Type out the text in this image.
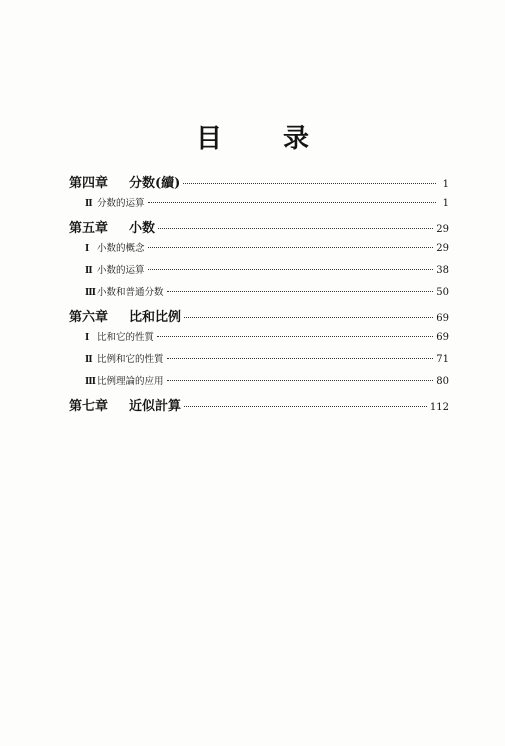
目 录
第四章	分数(續)	1
Ⅱ 分数的运算	1
第五章	小数	29
Ⅰ 小数的概念	29
Ⅱ 小数的运算	38
Ⅲ 小数和普通分数	50
第六章	比和比例	69
Ⅰ 比和它的性質	69
Ⅱ 比例和它的性質	71
Ⅲ 比例理論的应用	80
第七章	近似計算	112
